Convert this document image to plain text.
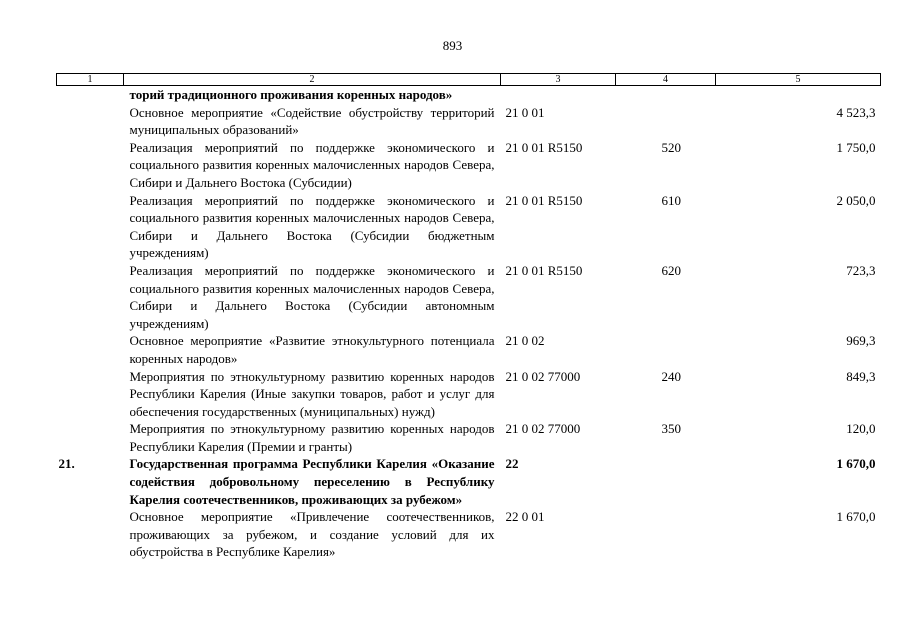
893
1	2	3	4	5
	торий традиционного проживания коренных народов»			
	Основное мероприятие «Содействие обустройству территорий муниципальных образований»	21 0 01		4 523,3
	Реализация мероприятий по поддержке экономического и социального развития коренных малочисленных народов Севера, Сибири и Дальнего Востока (Субсидии)	21 0 01 R5150	520	1 750,0
	Реализация мероприятий по поддержке экономического и социального развития коренных малочисленных народов Севера, Сибири и Дальнего Востока (Субсидии бюджетным учреждениям)	21 0 01 R5150	610	2 050,0
	Реализация мероприятий по поддержке экономического и социального развития коренных малочисленных народов Севера, Сибири и Дальнего Востока (Субсидии автономным учреждениям)	21 0 01 R5150	620	723,3
	Основное мероприятие «Развитие этнокультурного потенциала коренных народов»	21 0 02		969,3
	Мероприятия по этнокультурному развитию коренных народов Республики Карелия (Иные закупки товаров, работ и услуг для обеспечения государственных (муниципальных) нужд)	21 0 02 77000	240	849,3
	Мероприятия по этнокультурному развитию коренных народов Республики Карелия (Премии и гранты)	21 0 02 77000	350	120,0
21.	Государственная программа Республики Карелия «Оказание содействия добровольному переселению в Республику Карелия соотечественников, проживающих за рубежом»	22		1 670,0
	Основное мероприятие «Привлечение соотечественников, проживающих за рубежом, и создание условий для их обустройства в Республике Карелия»	22 0 01		1 670,0
